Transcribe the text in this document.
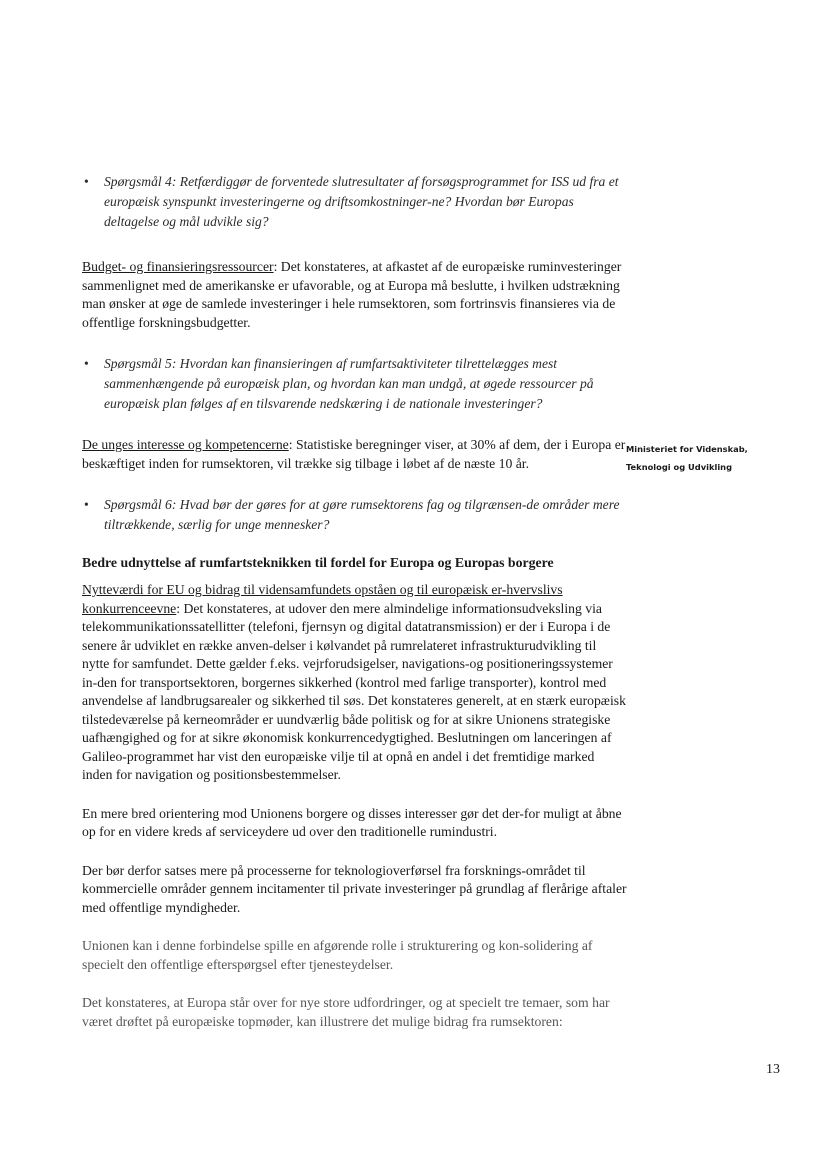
• Spørgsmål 4: Retfærdiggør de forventede slutresultater af forsøgsprogrammet for ISS ud fra et europæisk synspunkt investeringerne og driftsomkostninger-ne? Hvordan bør Europas deltagelse og mål udvikle sig?

Budget- og finansieringsressourcer: Det konstateres, at afkastet af de europæiske ruminvesteringer sammenlignet med de amerikanske er ufavorable, og at Europa må beslutte, i hvilken udstrækning man ønsker at øge de samlede investeringer i hele rumsektoren, som fortrinsvis finansieres via de offentlige forskningsbudgetter.

• Spørgsmål 5: Hvordan kan finansieringen af rumfartsaktiviteter tilrettelægges mest sammenhængende på europæisk plan, og hvordan kan man undgå, at øgede ressourcer på europæisk plan følges af en tilsvarende nedskæring i de nationale investeringer?

De unges interesse og kompetencerne: Statistiske beregninger viser, at 30% af dem, der i Europa er beskæftiget inden for rumsektoren, vil trække sig tilbage i løbet af de næste 10 år.

• Spørgsmål 6: Hvad bør der gøres for at gøre rumsektorens fag og tilgrænsen-de områder mere tiltrækkende, særlig for unge mennesker?

Bedre udnyttelse af rumfartsteknikken til fordel for Europa og Europas borgere

Nytteværdi for EU og bidrag til vidensamfundets opståen og til europæisk er-hvervslivs konkurrenceevne: Det konstateres, at udover den mere almindelige informationsudveksling via telekommunikationssatellitter (telefoni, fjernsyn og digital datatransmission) er der i Europa i de senere år udviklet en række anven-delser i kølvandet på rumrelateret infrastrukturudvikling til nytte for samfundet. Dette gælder f.eks. vejrforudsigelser, navigations-og positioneringssystemer in-den for transportsektoren, borgernes sikkerhed (kontrol med farlige transporter), kontrol med anvendelse af landbrugsarealer og sikkerhed til søs. Det konstateres generelt, at en stærk europæisk tilstedeværelse på kerneområder er uundværlig både politisk og for at sikre Unionens strategiske uafhængighed og for at sikre økonomisk konkurrencedygtighed. Beslutningen om lanceringen af Galileo-programmet har vist den europæiske vilje til at opnå en andel i det fremtidige marked inden for navigation og positionsbestemmelser.

En mere bred orientering mod Unionens borgere og disses interesser gør det der-for muligt at åbne op for en videre kreds af serviceydere ud over den traditionelle rumindustri.

Der bør derfor satses mere på processerne for teknologioverførsel fra forsknings-området til kommercielle områder gennem incitamenter til private investeringer på grundlag af flerårige aftaler med offentlige myndigheder.

Unionen kan i denne forbindelse spille en afgørende rolle i strukturering og kon-solidering af specielt den offentlige efterspørgsel efter tjenesteydelser.

Det konstateres, at Europa står over for nye store udfordringer, og at specielt tre temaer, som har været drøftet på europæiske topmøder, kan illustrere det mulige bidrag fra rumsektoren:

Ministeriet for Videnskab,
Teknologi og Udvikling
13
